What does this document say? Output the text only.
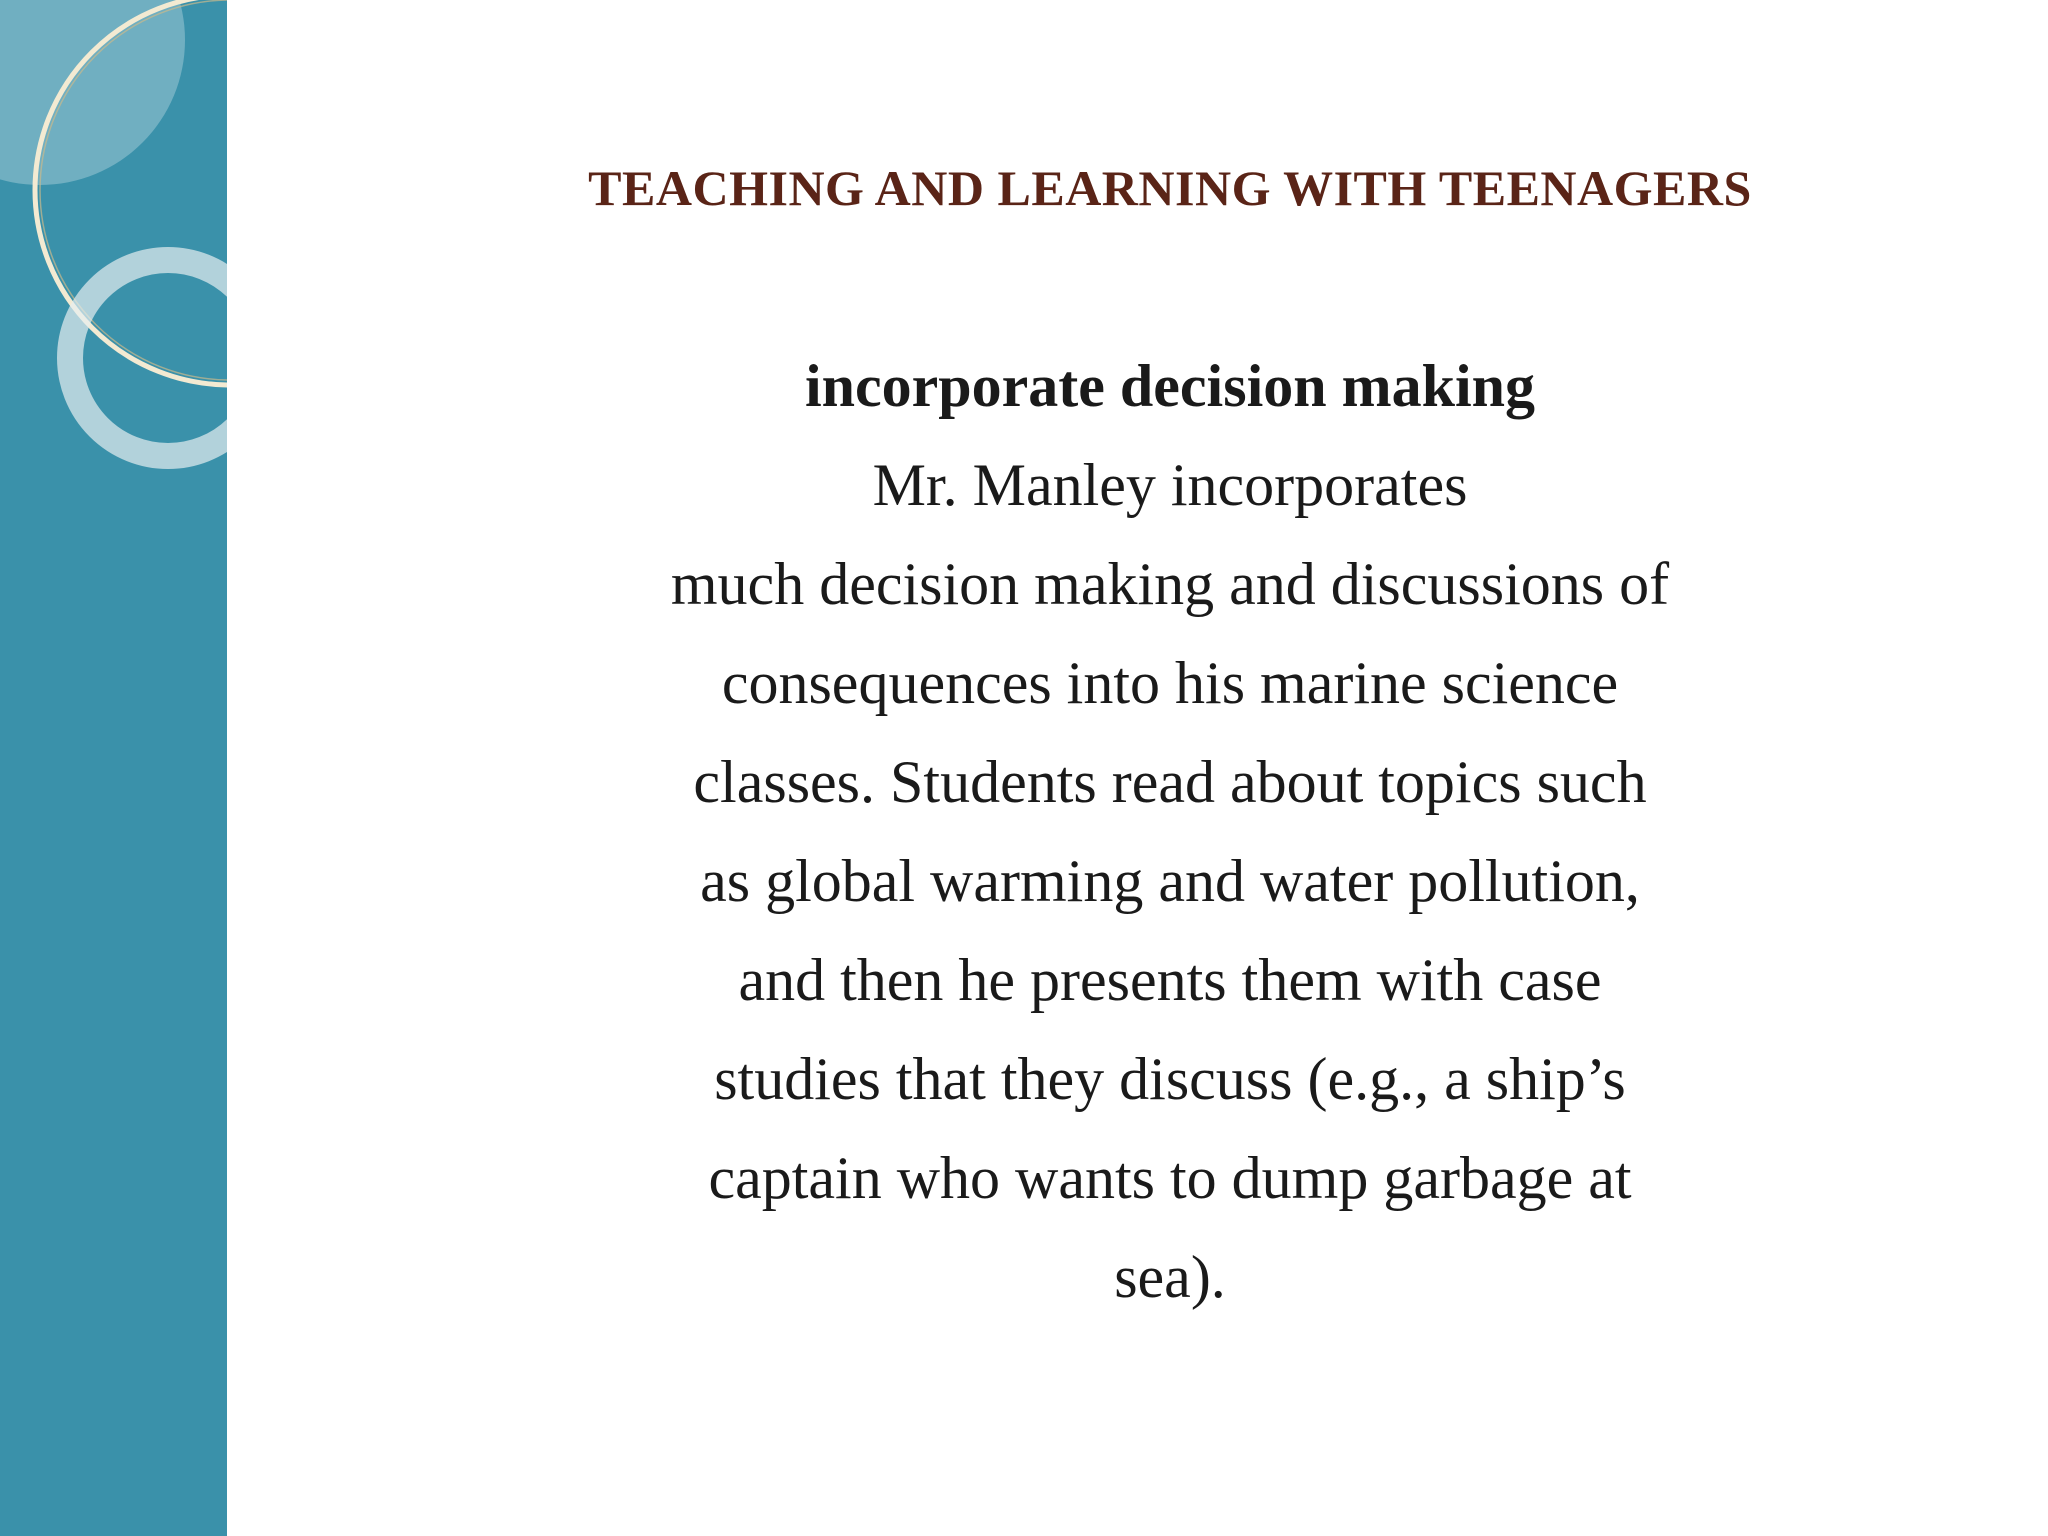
TEACHING AND LEARNING WITH TEENAGERS

incorporate decision making

Mr. Manley incorporates
much decision making and discussions of
consequences into his marine science
classes. Students read about topics such
as global warming and water pollution,
and then he presents them with case
studies that they discuss (e.g., a ship’s
captain who wants to dump garbage at
sea).
